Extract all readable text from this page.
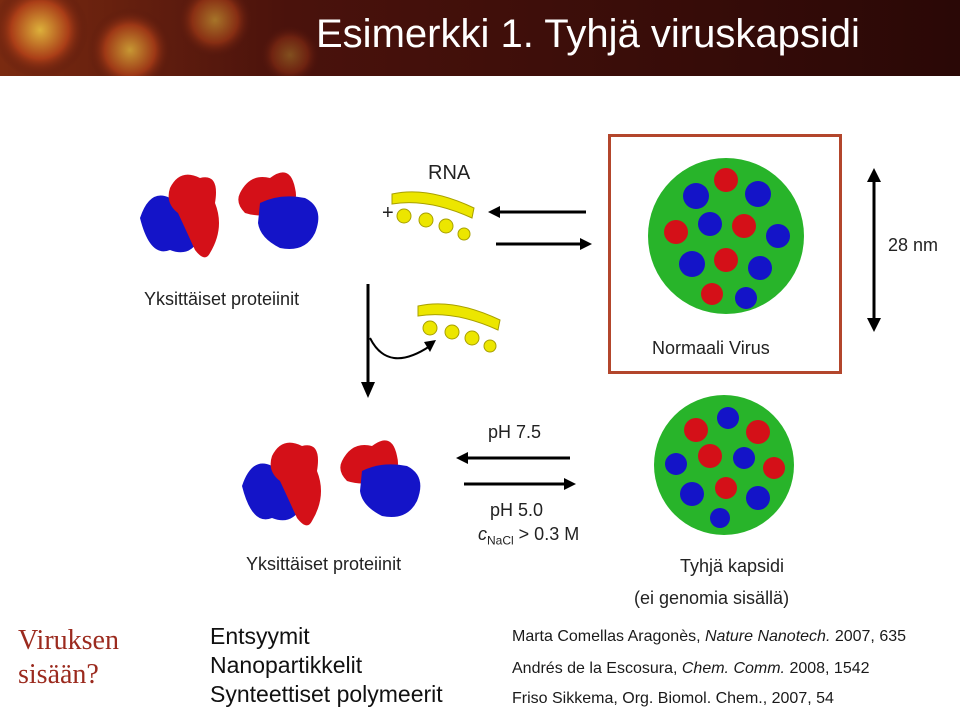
Esimerkki 1. Tyhjä viruskapsidi
+
RNA
Yksittäiset proteiinit
Normaali Virus
28 nm
pH 7.5
pH 5.0
$c_{NaCl} > 0.3$ M
Yksittäiset proteiinit	Tyhjä kapsidi
(ei genomia sisällä)
Viruksen
sisään?
Entsyymit
Nanopartikkelit
Synteettiset polymeerit
Marta Comellas Aragonès, Nature Nanotech. 2007, 635
Andrés de la Escosura, Chem. Comm. 2008, 1542
Friso Sikkema, Org. Biomol. Chem., 2007, 54
